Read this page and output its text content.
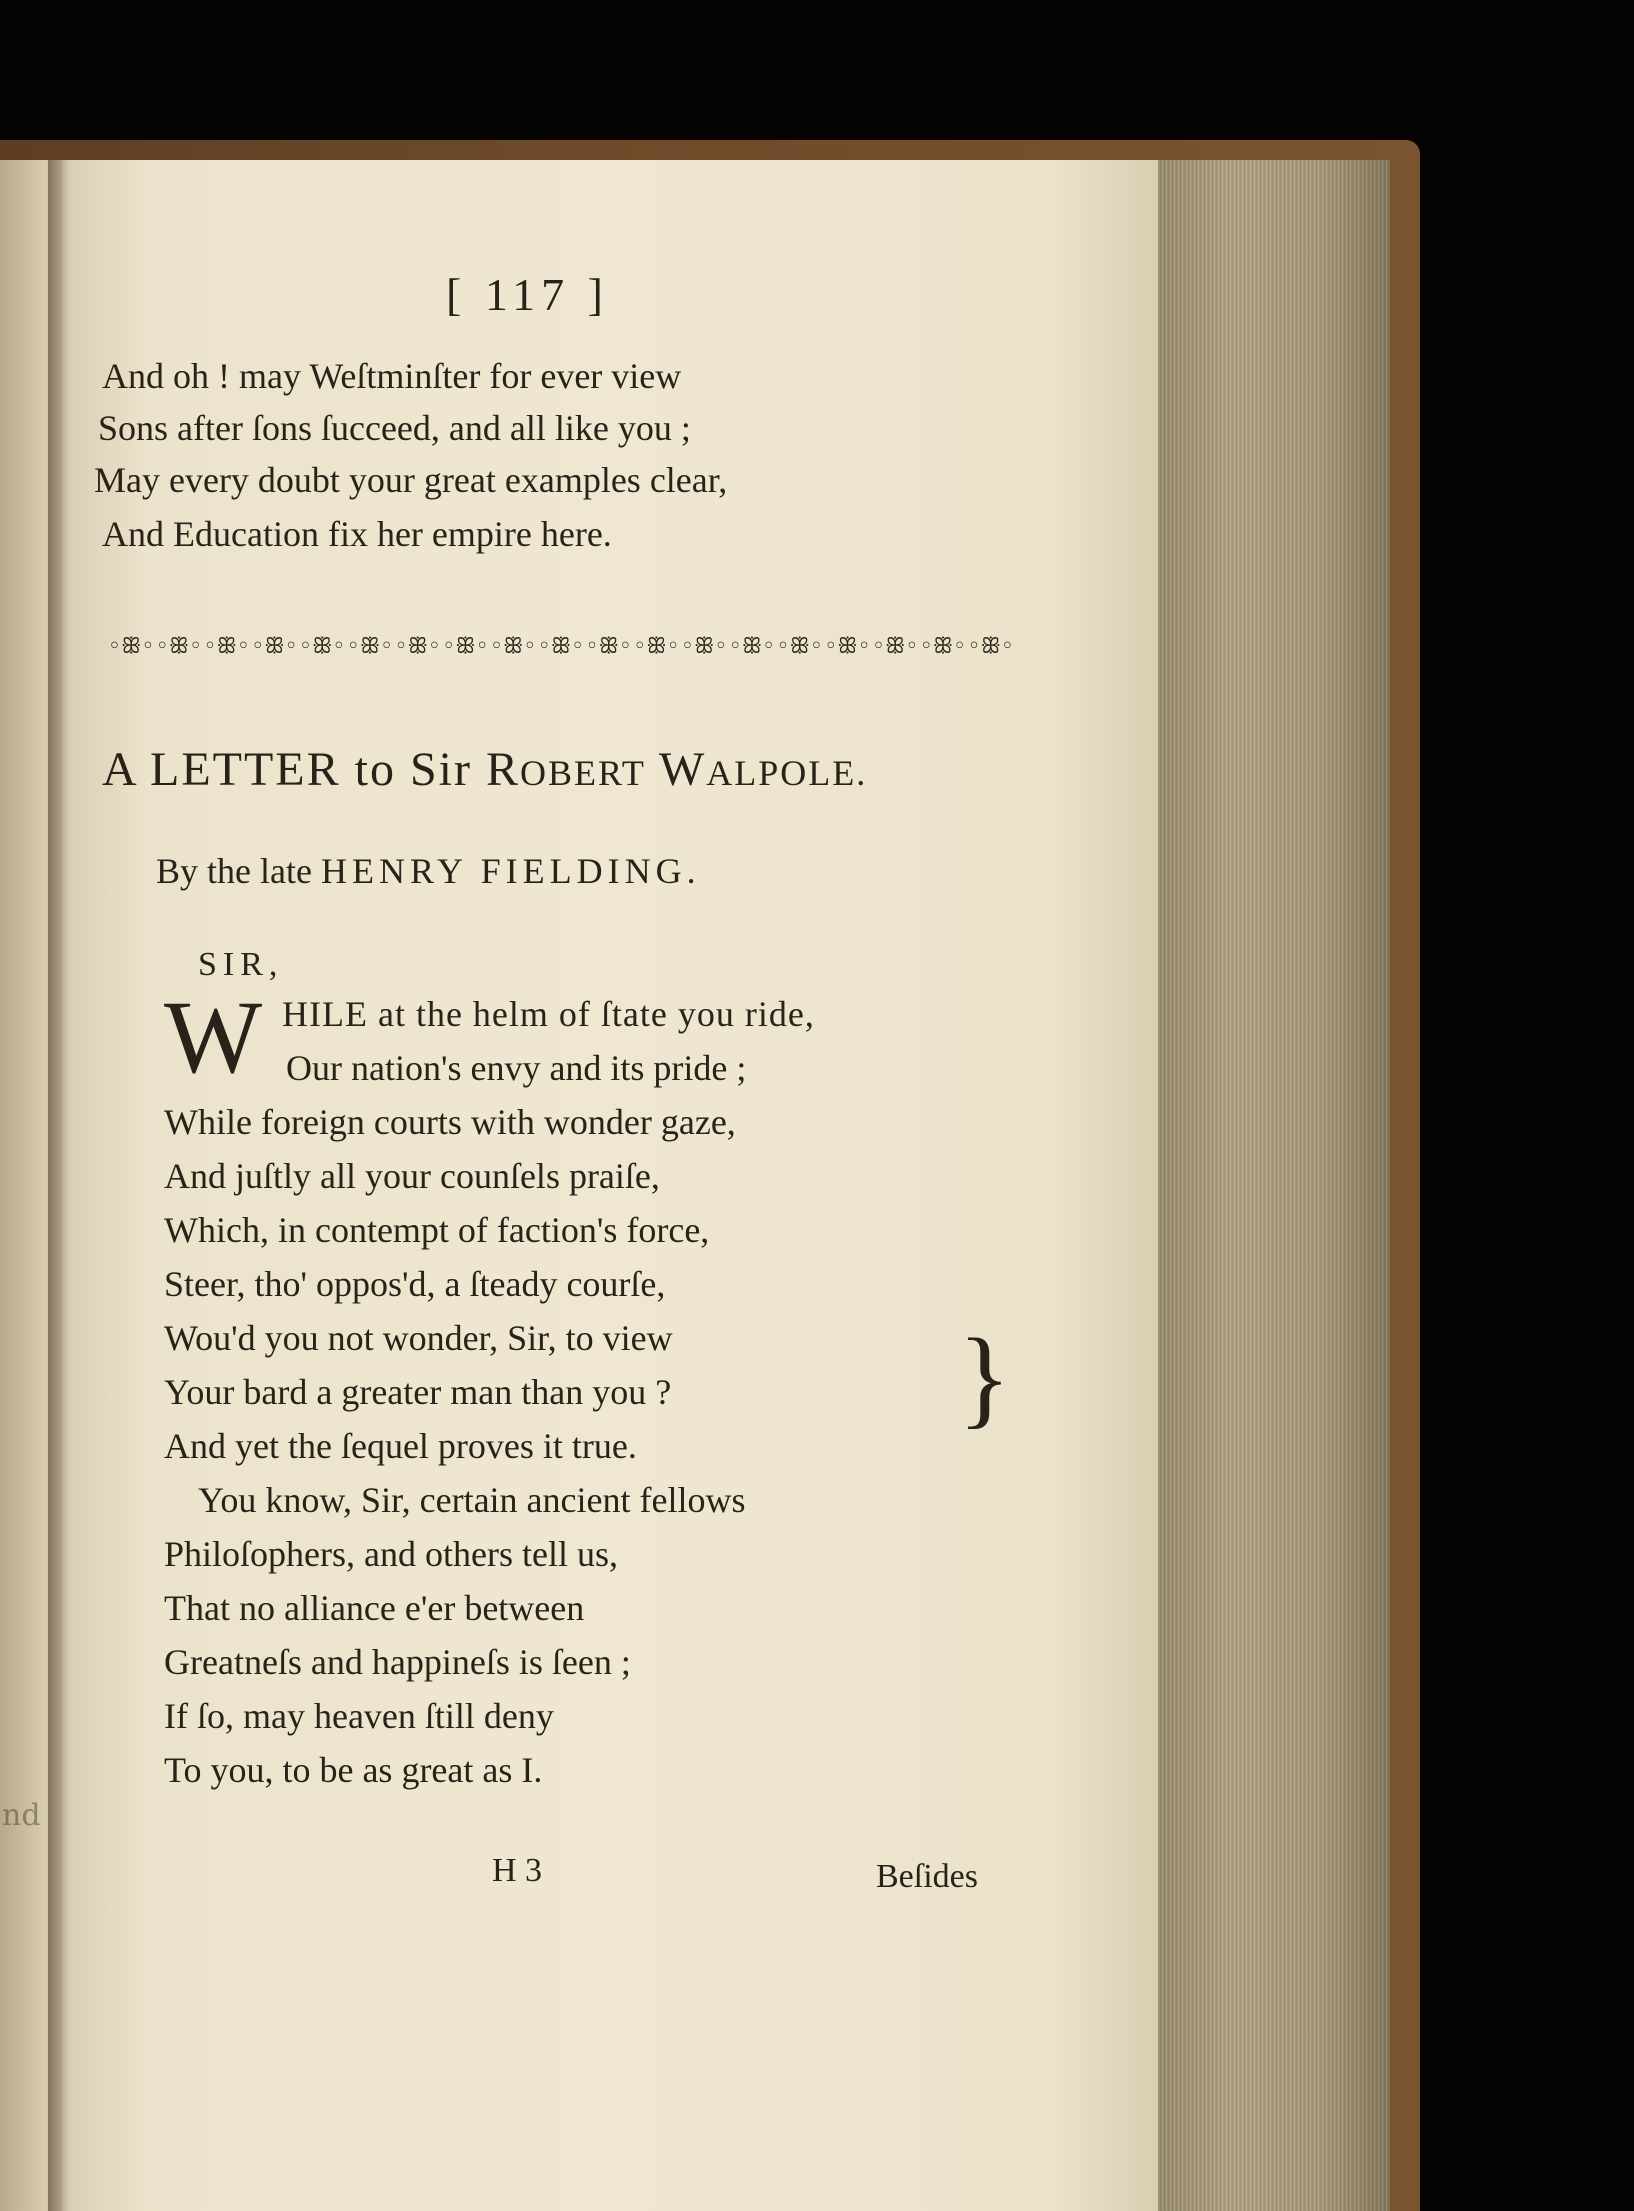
nd
[ 117 ]
And oh ! may Weſtminſter for ever view
Sons after ſons ſucceed, and all like you ;
May every doubt your great examples clear,
And Education fix her empire here.
◦ꕥ◦ ◦ꕥ◦ ◦ꕥ◦ ◦ꕥ◦ ◦ꕥ◦ ◦ꕥ◦ ◦ꕥ◦ ◦ꕥ◦ ◦ꕥ◦ ◦ꕥ◦ ◦ꕥ◦ ◦ꕥ◦ ◦ꕥ◦ ◦ꕥ◦ ◦ꕥ◦ ◦ꕥ◦ ◦ꕥ◦ ◦ꕥ◦ ◦ꕥ◦
A LETTER to Sir ROBERT WALPOLE.
By the late HENRY FIELDING.
SIR,
W HILE at the helm of ſtate you ride,
Our nation's envy and its pride ;
While foreign courts with wonder gaze,
And juſtly all your counſels praiſe,
Which, in contempt of faction's force,
Steer, tho' oppos'd, a ſteady courſe,
Wou'd you not wonder, Sir, to view
Your bard a greater man than you ?
And yet the ſequel proves it true.
You know, Sir, certain ancient fellows
Philoſophers, and others tell us,
That no alliance e'er between
Greatneſs and happineſs is ſeen ;
If ſo, may heaven ſtill deny
To you, to be as great as I.
}
H 3	Beſides
